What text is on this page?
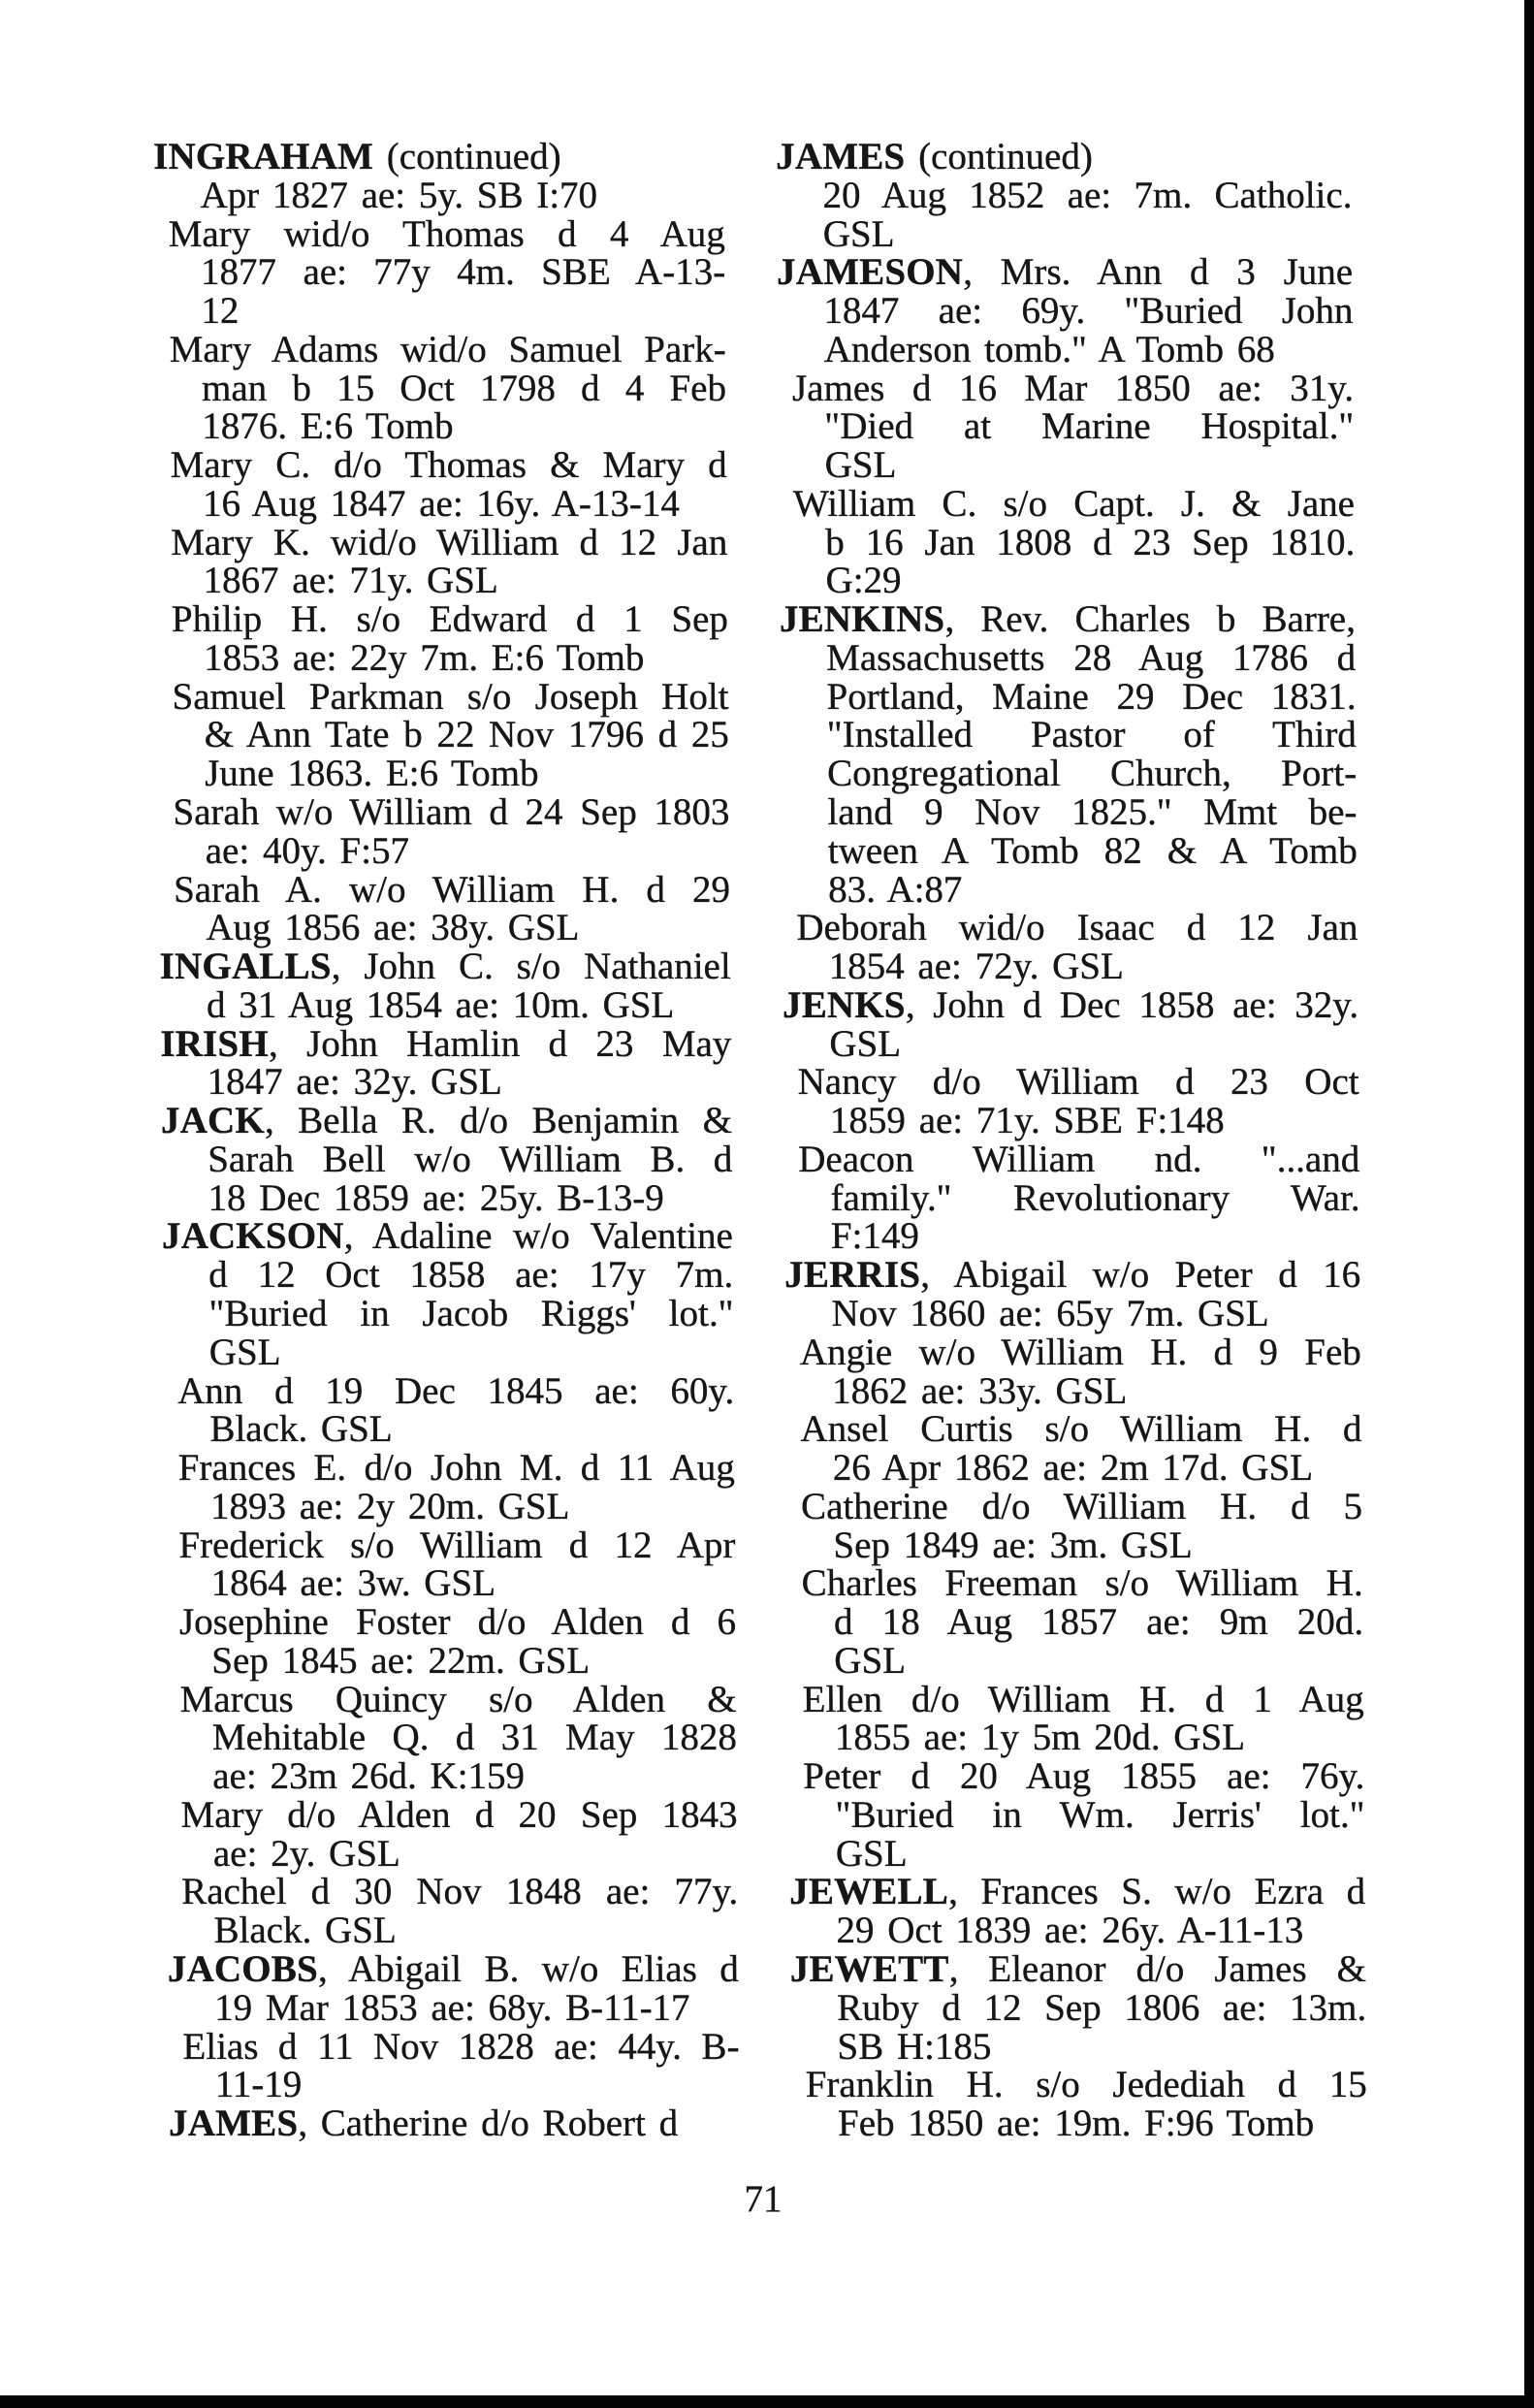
INGRAHAM (continued)
Apr 1827 ae: 5y. SB I:70
Mary wid/o Thomas d 4 Aug
1877 ae: 77y 4m. SBE A-13-
12
Mary Adams wid/o Samuel Park-
man b 15 Oct 1798 d 4 Feb
1876. E:6 Tomb
Mary C. d/o Thomas & Mary d
16 Aug 1847 ae: 16y. A-13-14
Mary K. wid/o William d 12 Jan
1867 ae: 71y. GSL
Philip H. s/o Edward d 1 Sep
1853 ae: 22y 7m. E:6 Tomb
Samuel Parkman s/o Joseph Holt
& Ann Tate b 22 Nov 1796 d 25
June 1863. E:6 Tomb
Sarah w/o William d 24 Sep 1803
ae: 40y. F:57
Sarah A. w/o William H. d 29
Aug 1856 ae: 38y. GSL
INGALLS, John C. s/o Nathaniel
d 31 Aug 1854 ae: 10m. GSL
IRISH, John Hamlin d 23 May
1847 ae: 32y. GSL
JACK, Bella R. d/o Benjamin &
Sarah Bell w/o William B. d
18 Dec 1859 ae: 25y. B-13-9
JACKSON, Adaline w/o Valentine
d 12 Oct 1858 ae: 17y 7m.
"Buried in Jacob Riggs' lot."
GSL
Ann d 19 Dec 1845 ae: 60y.
Black. GSL
Frances E. d/o John M. d 11 Aug
1893 ae: 2y 20m. GSL
Frederick s/o William d 12 Apr
1864 ae: 3w. GSL
Josephine Foster d/o Alden d 6
Sep 1845 ae: 22m. GSL
Marcus Quincy s/o Alden &
Mehitable Q. d 31 May 1828
ae: 23m 26d. K:159
Mary d/o Alden d 20 Sep 1843
ae: 2y. GSL
Rachel d 30 Nov 1848 ae: 77y.
Black. GSL
JACOBS, Abigail B. w/o Elias d
19 Mar 1853 ae: 68y. B-11-17
Elias d 11 Nov 1828 ae: 44y. B-
11-19
JAMES, Catherine d/o Robert d
JAMES (continued)
20 Aug 1852 ae: 7m. Catholic.
GSL
JAMESON, Mrs. Ann d 3 June
1847 ae: 69y. "Buried John
Anderson tomb." A Tomb 68
James d 16 Mar 1850 ae: 31y.
"Died at Marine Hospital."
GSL
William C. s/o Capt. J. & Jane
b 16 Jan 1808 d 23 Sep 1810.
G:29
JENKINS, Rev. Charles b Barre,
Massachusetts 28 Aug 1786 d
Portland, Maine 29 Dec 1831.
"Installed Pastor of Third
Congregational Church, Port-
land 9 Nov 1825." Mmt be-
tween A Tomb 82 & A Tomb
83. A:87
Deborah wid/o Isaac d 12 Jan
1854 ae: 72y. GSL
JENKS, John d Dec 1858 ae: 32y.
GSL
Nancy d/o William d 23 Oct
1859 ae: 71y. SBE F:148
Deacon William nd. "...and
family." Revolutionary War.
F:149
JERRIS, Abigail w/o Peter d 16
Nov 1860 ae: 65y 7m. GSL
Angie w/o William H. d 9 Feb
1862 ae: 33y. GSL
Ansel Curtis s/o William H. d
26 Apr 1862 ae: 2m 17d. GSL
Catherine d/o William H. d 5
Sep 1849 ae: 3m. GSL
Charles Freeman s/o William H.
d 18 Aug 1857 ae: 9m 20d.
GSL
Ellen d/o William H. d 1 Aug
1855 ae: 1y 5m 20d. GSL
Peter d 20 Aug 1855 ae: 76y.
"Buried in Wm. Jerris' lot."
GSL
JEWELL, Frances S. w/o Ezra d
29 Oct 1839 ae: 26y. A-11-13
JEWETT, Eleanor d/o James &
Ruby d 12 Sep 1806 ae: 13m.
SB H:185
Franklin H. s/o Jedediah d 15
Feb 1850 ae: 19m. F:96 Tomb
71
